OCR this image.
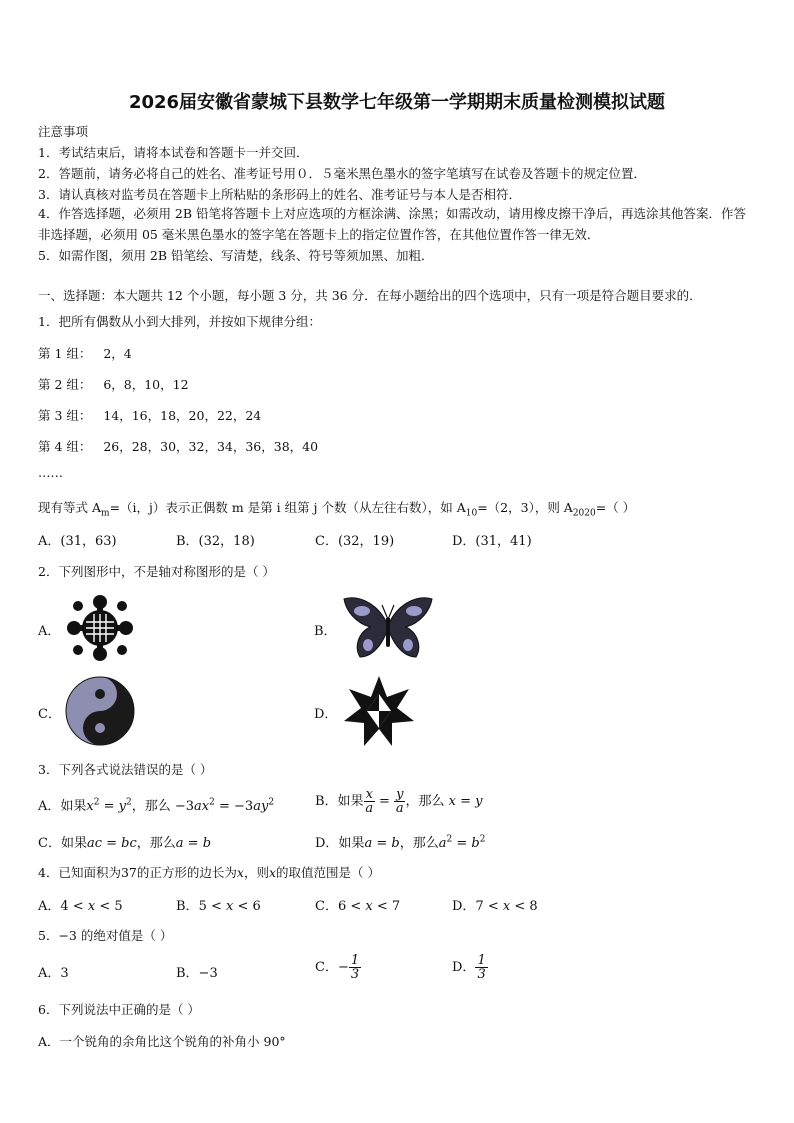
2026届安徽省蒙城下县数学七年级第一学期期末质量检测模拟试题
注意事项
1．考试结束后，请将本试卷和答题卡一并交回．
2．答题前，请务必将自己的姓名、准考证号用０．５毫米黑色墨水的签字笔填写在试卷及答题卡的规定位置．
3．请认真核对监考员在答题卡上所粘贴的条形码上的姓名、准考证号与本人是否相符．
4．作答选择题，必须用 2B 铅笔将答题卡上对应选项的方框涂满、涂黑；如需改动，请用橡皮擦干净后，再选涂其他答案．作答非选择题，必须用 05 毫米黑色墨水的签字笔在答题卡上的指定位置作答，在其他位置作答一律无效．
5．如需作图，须用 2B 铅笔绘、写清楚，线条、符号等须加黑、加粗．
一、选择题：本大题共 12 个小题，每小题 3 分，共 36 分．在每小题给出的四个选项中，只有一项是符合题目要求的．
1．把所有偶数从小到大排列，并按如下规律分组：
第 1 组： 2，4
第 2 组： 6，8，10，12
第 3 组： 14，16，18，20，22，24
第 4 组： 26，28，30，32，34，36，38，40
……
现有等式 $A_m=(i$，j）表示正偶数 m 是第 i 组第 j 个数（从左往右数），如 $A_{10}=(2$，3），则 $A_{2020}=$（ ）
A．(31，63)	B．(32，18)	C．(32，19)	D．(31，41)
2．下列图形中，不是轴对称图形的是（ ）
A．	B．
C．	D．
3．下列各式说法错误的是（ ）
A．如果$x^2 = y^2$，那么 $-3ax^2 = -3ay^2$	B．如果 $\frac{x}{a} = \frac{y}{a}$ ，那么 x = y
C．如果ac = bc，那么a = b	D．如果a = b，那么$a^2 = b^2$
4．已知面积为37的正方形的边长为x，则x的取值范围是（ ）
A．4 < x < 5	B．5 < x < 6	C．6 < x < 7	D．7 < x < 8
5．−3 的绝对值是（ ）
A．3	B．−3	C．− $\frac{1}{3}$	D． $\frac{1}{3}$
6．下列说法中正确的是（ ）
A．一个锐角的余角比这个锐角的补角小 90°
